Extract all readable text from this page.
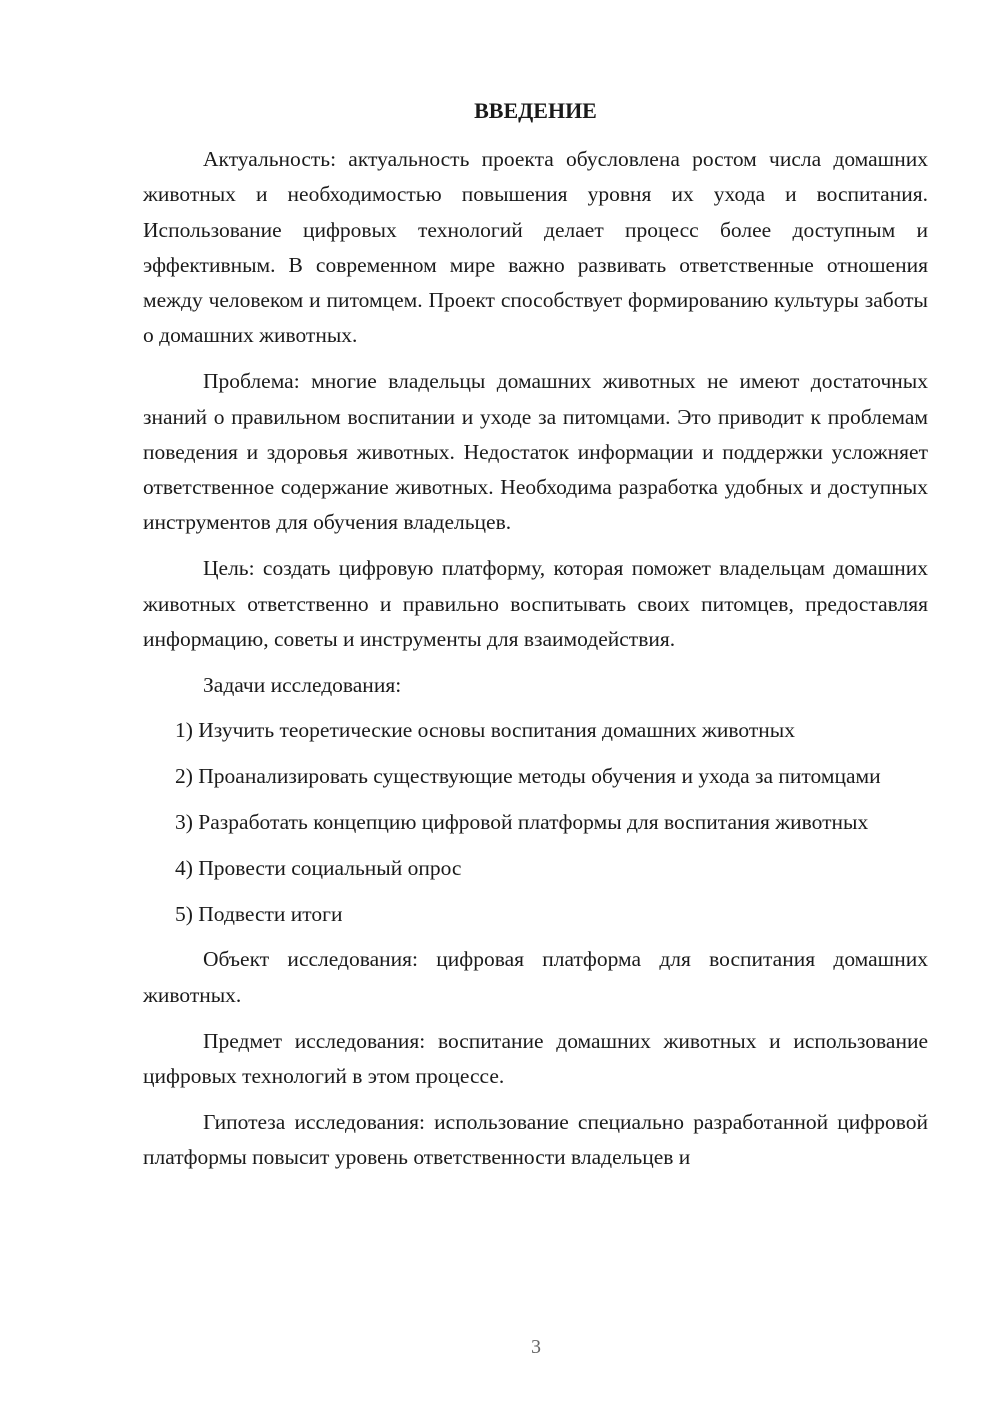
ВВЕДЕНИЕ

Актуальность: актуальность проекта обусловлена ростом числа домашних животных и необходимостью повышения уровня их ухода и воспитания. Использование цифровых технологий делает процесс более доступным и эффективным. В современном мире важно развивать ответственные отношения между человеком и питомцем. Проект способствует формированию культуры заботы о домашних животных.

Проблема: многие владельцы домашних животных не имеют достаточных знаний о правильном воспитании и уходе за питомцами. Это приводит к проблемам поведения и здоровья животных. Недостаток информации и поддержки усложняет ответственное содержание животных. Необходима разработка удобных и доступных инструментов для обучения владельцев.

Цель: создать цифровую платформу, которая поможет владельцам домашних животных ответственно и правильно воспитывать своих питомцев, предоставляя информацию, советы и инструменты для взаимодействия.

Задачи исследования:

1) Изучить теоретические основы воспитания домашних животных

2) Проанализировать существующие методы обучения и ухода за питомцами

3) Разработать концепцию цифровой платформы для воспитания животных

4) Провести социальный опрос

5) Подвести итоги

Объект исследования: цифровая платформа для воспитания домашних животных.

Предмет исследования: воспитание домашних животных и использование цифровых технологий в этом процессе.

Гипотеза исследования: использование специально разработанной цифровой платформы повысит уровень ответственности владельцев и

3
